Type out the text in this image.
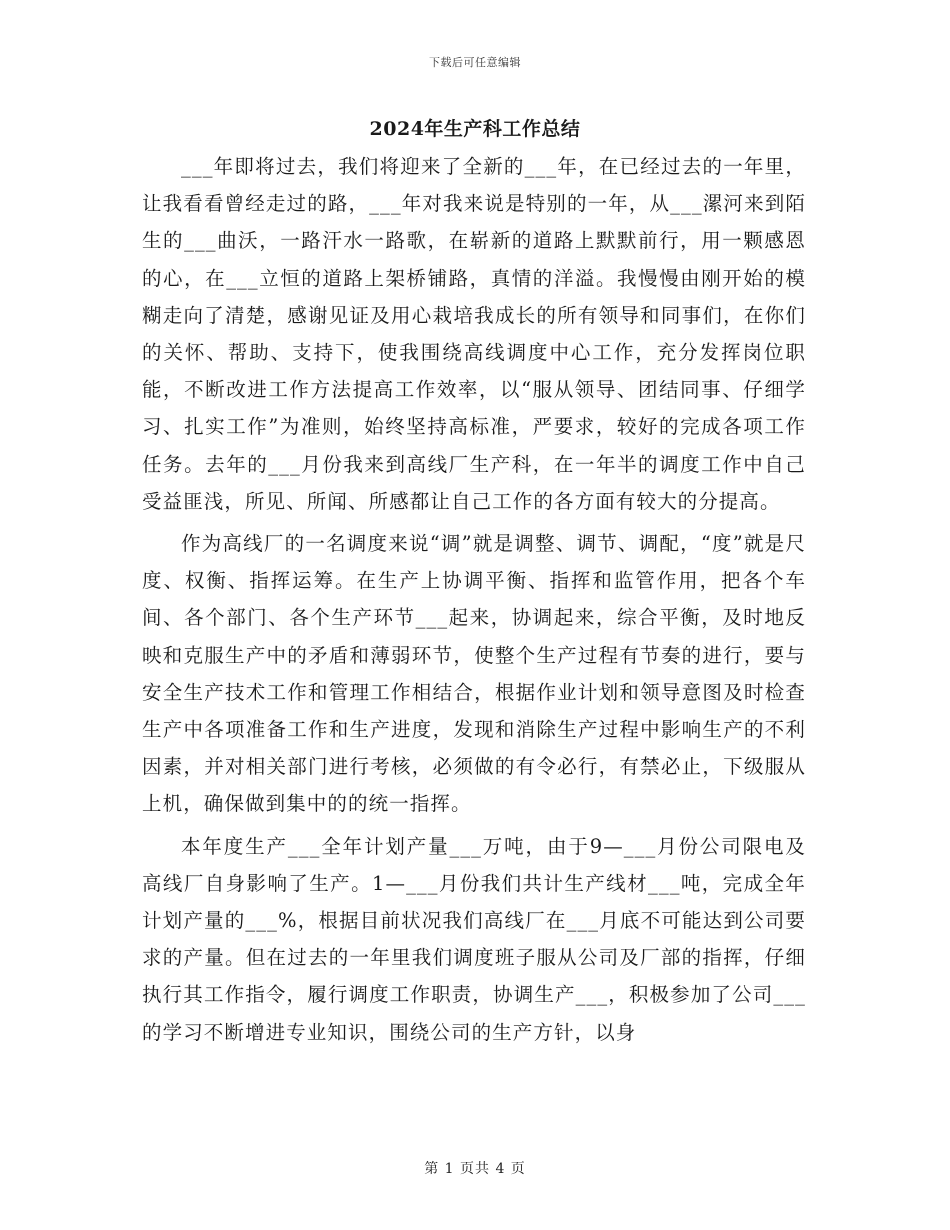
下载后可任意编辑
2024年生产科工作总结

___年即将过去，我们将迎来了全新的___年，在已经过去的一年里，让我看看曾经走过的路，___年对我来说是特别的一年，从___漯河来到陌生的___曲沃，一路汗水一路歌，在崭新的道路上默默前行，用一颗感恩的心，在___立恒的道路上架桥铺路，真情的洋溢。我慢慢由刚开始的模糊走向了清楚，感谢见证及用心栽培我成长的所有领导和同事们，在你们的关怀、帮助、支持下，使我围绕高线调度中心工作，充分发挥岗位职能，不断改进工作方法提高工作效率，以“服从领导、团结同事、仔细学习、扎实工作”为准则，始终坚持高标准，严要求，较好的完成各项工作任务。去年的___月份我来到高线厂生产科，在一年半的调度工作中自己受益匪浅，所见、所闻、所感都让自己工作的各方面有较大的分提高。

作为高线厂的一名调度来说“调”就是调整、调节、调配，“度”就是尺度、权衡、指挥运筹。在生产上协调平衡、指挥和监管作用，把各个车间、各个部门、各个生产环节___起来，协调起来，综合平衡，及时地反映和克服生产中的矛盾和薄弱环节，使整个生产过程有节奏的进行，要与安全生产技术工作和管理工作相结合，根据作业计划和领导意图及时检查生产中各项准备工作和生产进度，发现和消除生产过程中影响生产的不利因素，并对相关部门进行考核，必须做的有令必行，有禁必止，下级服从上机，确保做到集中的的统一指挥。

本年度生产___全年计划产量___万吨，由于9—___月份公司限电及高线厂自身影响了生产。1—___月份我们共计生产线材___吨，完成全年计划产量的___%，根据目前状况我们高线厂在___月底不可能达到公司要求的产量。但在过去的一年里我们调度班子服从公司及厂部的指挥，仔细执行其工作指令，履行调度工作职责，协调生产___，积极参加了公司___的学习不断增进专业知识，围绕公司的生产方针，以身

第 1 页共 4 页
